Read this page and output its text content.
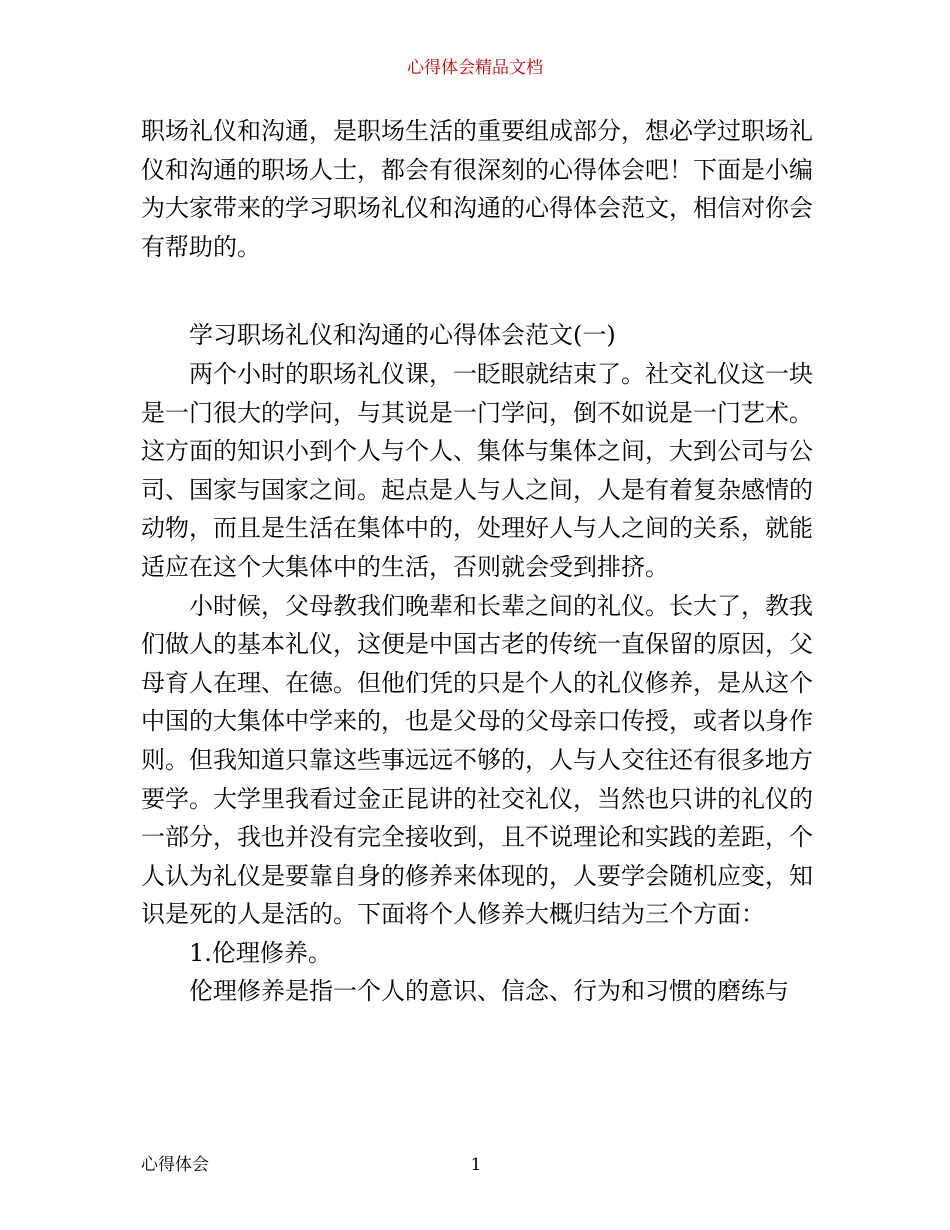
心得体会精品文档

职场礼仪和沟通，是职场生活的重要组成部分，想必学过职场礼仪和沟通的职场人士，都会有很深刻的心得体会吧！下面是小编为大家带来的学习职场礼仪和沟通的心得体会范文，相信对你会有帮助的。

学习职场礼仪和沟通的心得体会范文(一)

两个小时的职场礼仪课，一眨眼就结束了。社交礼仪这一块是一门很大的学问，与其说是一门学问，倒不如说是一门艺术。这方面的知识小到个人与个人、集体与集体之间，大到公司与公司、国家与国家之间。起点是人与人之间，人是有着复杂感情的动物，而且是生活在集体中的，处理好人与人之间的关系，就能适应在这个大集体中的生活，否则就会受到排挤。

小时候，父母教我们晚辈和长辈之间的礼仪。长大了，教我们做人的基本礼仪，这便是中国古老的传统一直保留的原因，父母育人在理、在德。但他们凭的只是个人的礼仪修养，是从这个中国的大集体中学来的，也是父母的父母亲口传授，或者以身作则。但我知道只靠这些事远远不够的，人与人交往还有很多地方要学。大学里我看过金正昆讲的社交礼仪，当然也只讲的礼仪的一部分，我也并没有完全接收到，且不说理论和实践的差距，个人认为礼仪是要靠自身的修养来体现的，人要学会随机应变，知识是死的人是活的。下面将个人修养大概归结为三个方面：

1.伦理修养。

伦理修养是指一个人的意识、信念、行为和习惯的磨练与

心得体会	1
